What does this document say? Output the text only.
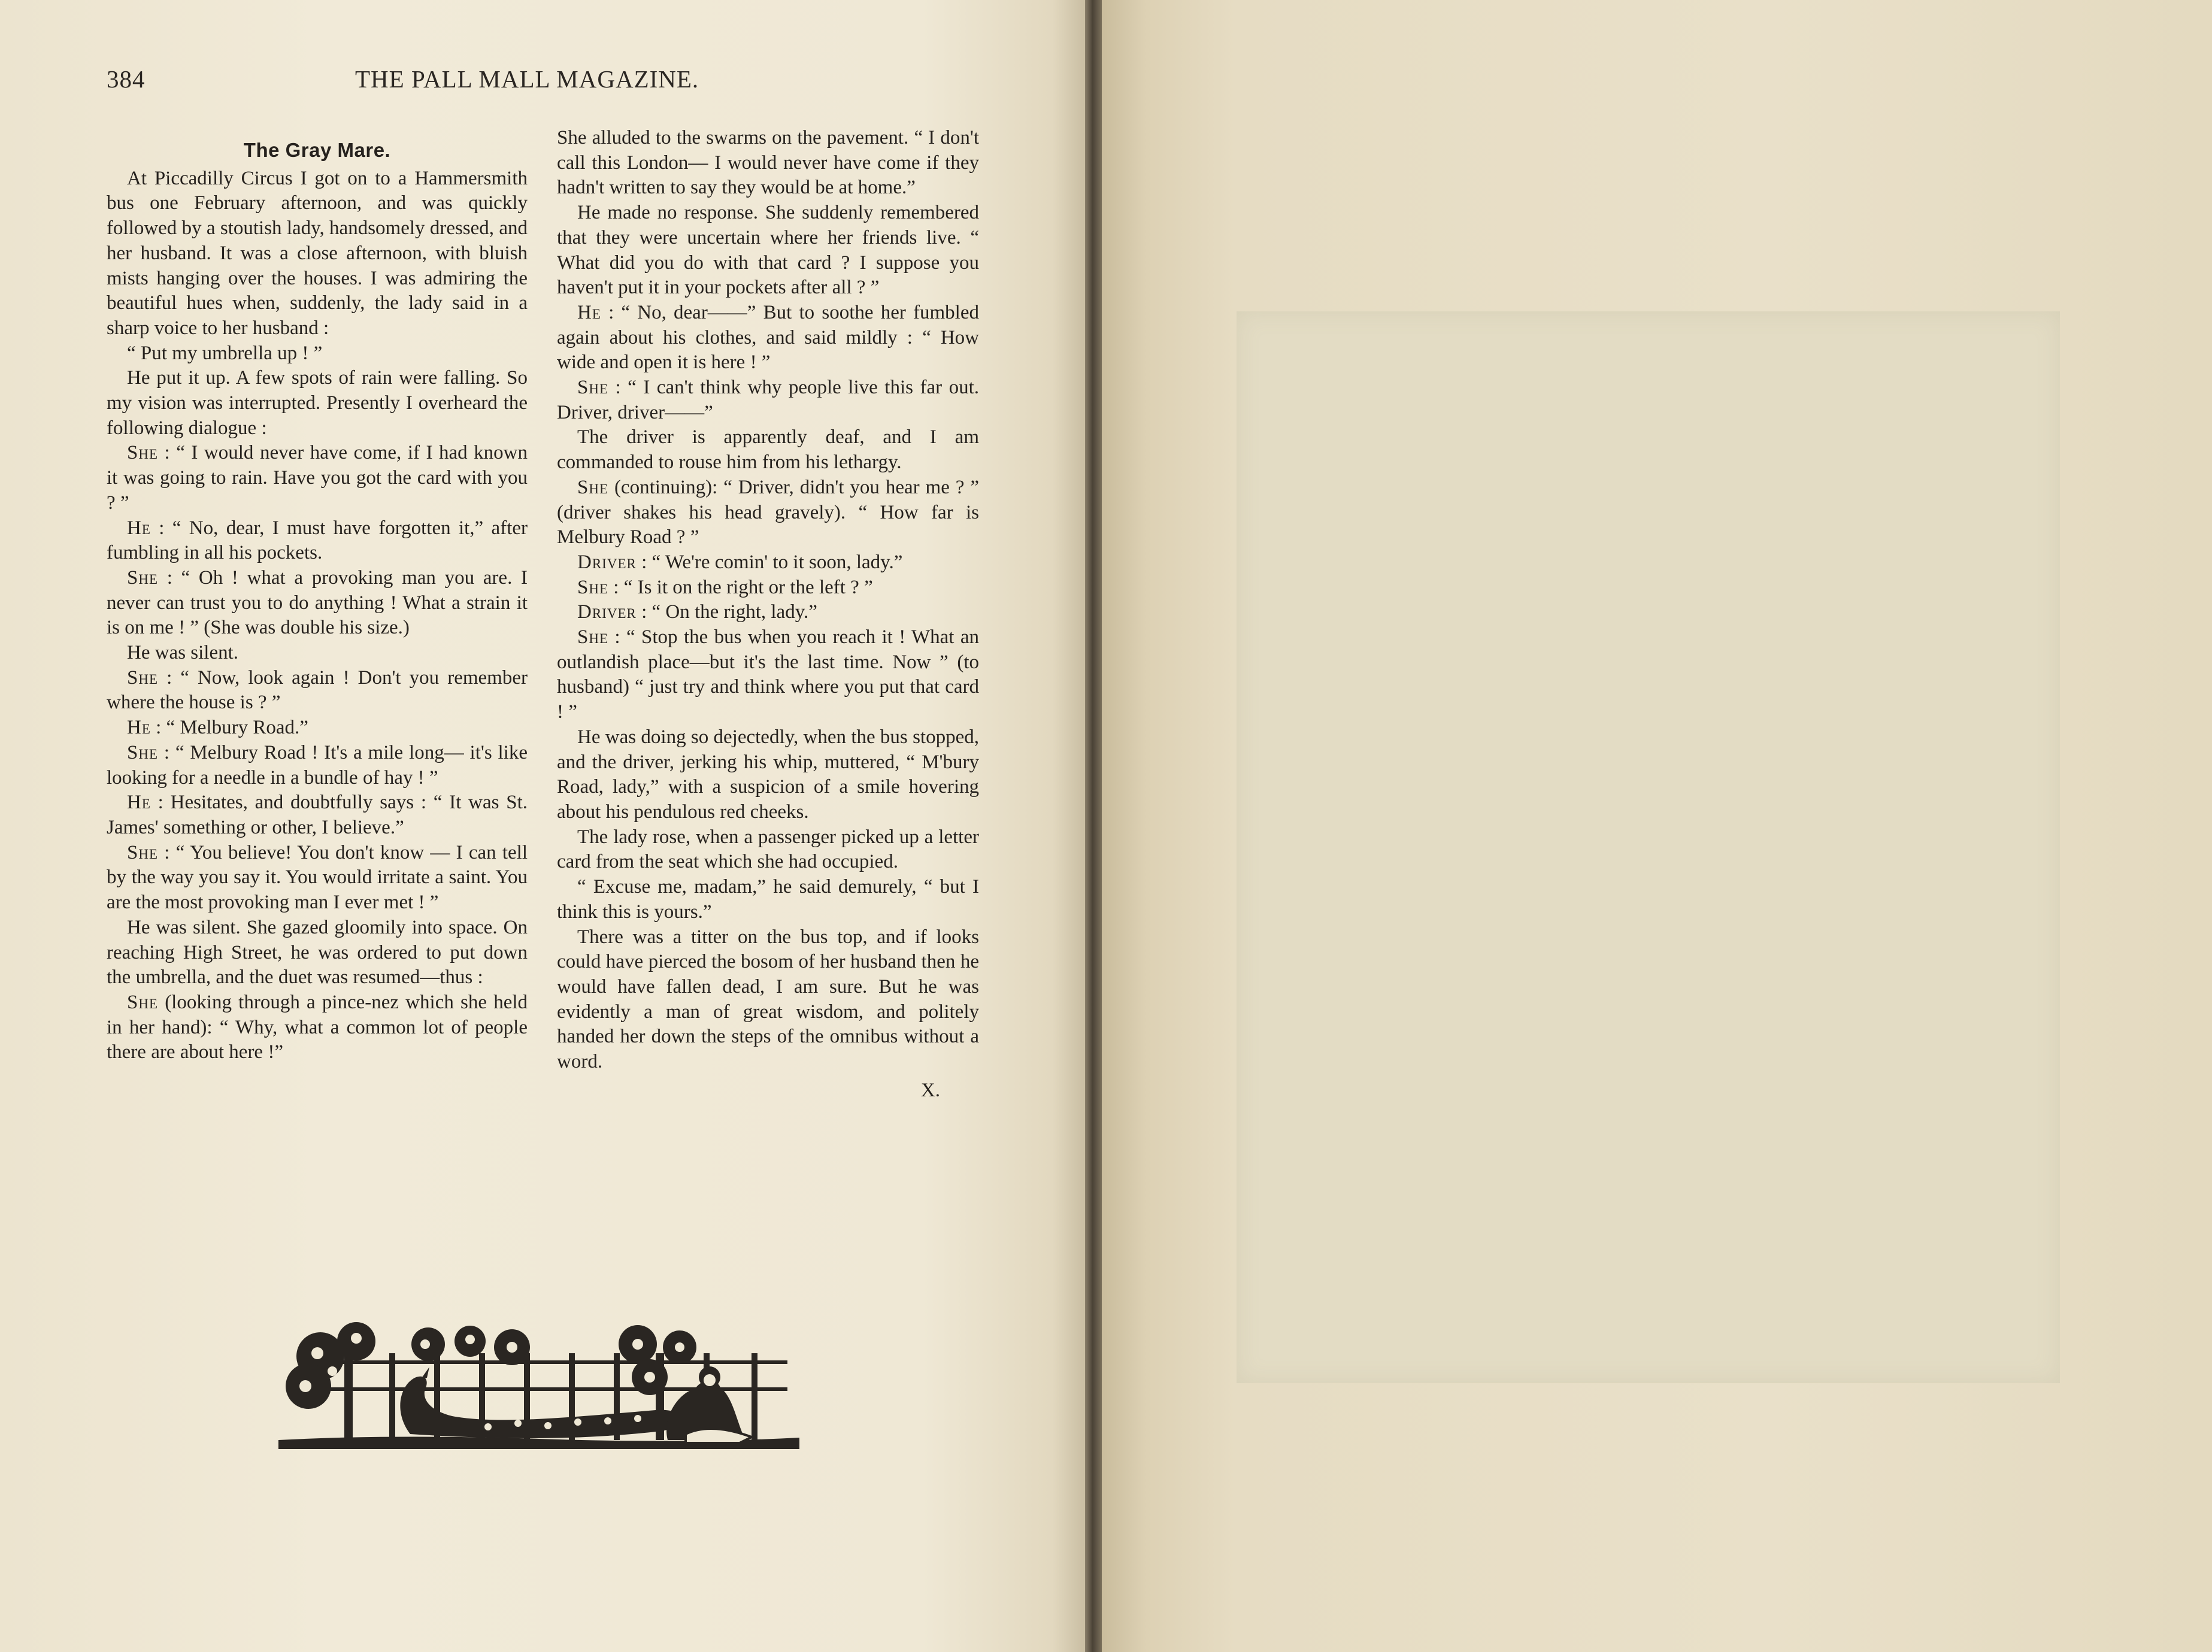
384	THE PALL MALL MAGAZINE.
The Gray Mare.

At Piccadilly Circus I got on to a Hammersmith bus one February afternoon, and was quickly followed by a stoutish lady, handsomely dressed, and her husband. It was a close afternoon, with bluish mists hanging over the houses. I was admiring the beautiful hues when, suddenly, the lady said in a sharp voice to her husband :

“ Put my umbrella up ! ”

He put it up. A few spots of rain were falling. So my vision was interrupted. Presently I overheard the following dialogue :

She : “ I would never have come, if I had known it was going to rain. Have you got the card with you ? ”

He : “ No, dear, I must have forgotten it,” after fumbling in all his pockets.

She : “ Oh ! what a provoking man you are. I never can trust you to do anything ! What a strain it is on me ! ” (She was double his size.)

He was silent.

She : “ Now, look again ! Don't you remember where the house is ? ”

He : “ Melbury Road.”

She : “ Melbury Road ! It's a mile long— it's like looking for a needle in a bundle of hay ! ”

He : Hesitates, and doubtfully says : “ It was St. James' something or other, I believe.”

She : “ You believe! You don't know — I can tell by the way you say it. You would irritate a saint. You are the most provoking man I ever met ! ”

He was silent. She gazed gloomily into space. On reaching High Street, he was ordered to put down the umbrella, and the duet was resumed—thus :

She (looking through a pince-nez which she held in her hand): “ Why, what a common lot of people there are about here !”

She alluded to the swarms on the pavement. “ I don't call this London— I would never have come if they hadn't written to say they would be at home.”

He made no response. She suddenly remembered that they were uncertain where her friends live. “ What did you do with that card ? I suppose you haven't put it in your pockets after all ? ”

He : “ No, dear——” But to soothe her fumbled again about his clothes, and said mildly : “ How wide and open it is here ! ”

She : “ I can't think why people live this far out. Driver, driver——”

The driver is apparently deaf, and I am commanded to rouse him from his lethargy.

She (continuing): “ Driver, didn't you hear me ? ” (driver shakes his head gravely). “ How far is Melbury Road ? ”

Driver : “ We're comin' to it soon, lady.”

She : “ Is it on the right or the left ? ”

Driver : “ On the right, lady.”

She : “ Stop the bus when you reach it ! What an outlandish place—but it's the last time. Now ” (to husband) “ just try and think where you put that card ! ”

He was doing so dejectedly, when the bus stopped, and the driver, jerking his whip, muttered, “ M'bury Road, lady,” with a suspicion of a smile hovering about his pendulous red cheeks.

The lady rose, when a passenger picked up a letter card from the seat which she had occupied.

“ Excuse me, madam,” he said demurely, “ but I think this is yours.”

There was a titter on the bus top, and if looks could have pierced the bosom of her husband then he would have fallen dead, I am sure. But he was evidently a man of great wisdom, and politely handed her down the steps of the omnibus without a word.

X.
